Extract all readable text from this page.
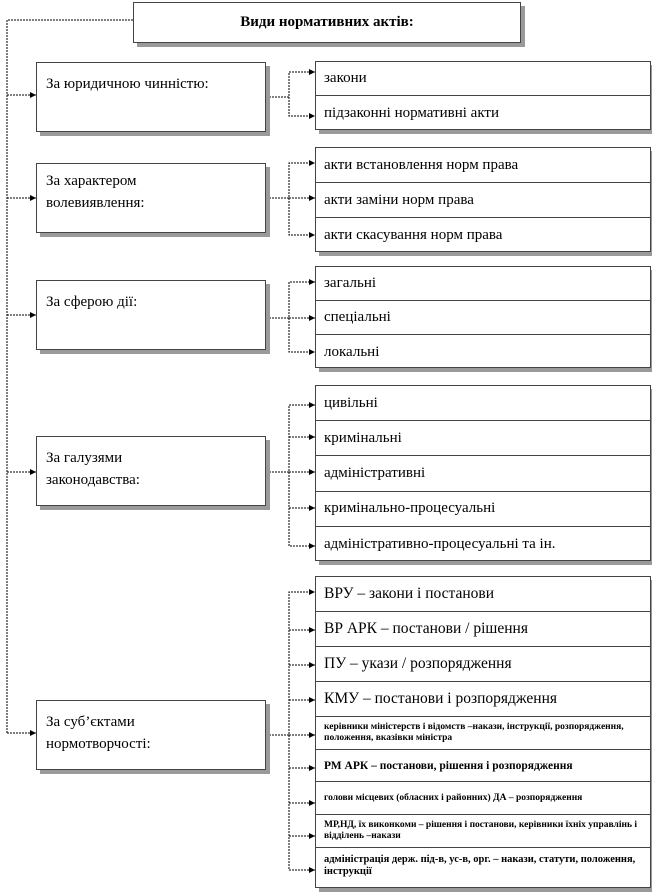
Види нормативних актів:
За юридичною чинністю:	закони
підзаконні нормативні акти
За характером
волевиявлення:
акти встановлення норм права
акти заміни норм права
акти скасування норм права
За сферою дії:
загальні
спеціальні
локальні
За галузями
законодавства:
цивільні
кримінальні
адміністративні
кримінально-процесуальні
адміністративно-процесуальні та ін.
За суб’єктами
нормотворчості:
ВРУ – закони і постанови
ВР АРК – постанови / рішення
ПУ – укази / розпорядження
КМУ – постанови і розпорядження
керівники міністерств і відомств –накази, інструкції, розпорядження, положення, вказівки міністра
РМ АРК – постанови, рішення і розпорядження
голови місцевих (обласних і районних) ДА – розпорядження
МР,НД, їх виконкоми – рішення і постанови, керівники їхніх управлінь і відділень –накази
адміністрація держ. під-в, ус-в, орг. – накази, статути, положення, інструкції
